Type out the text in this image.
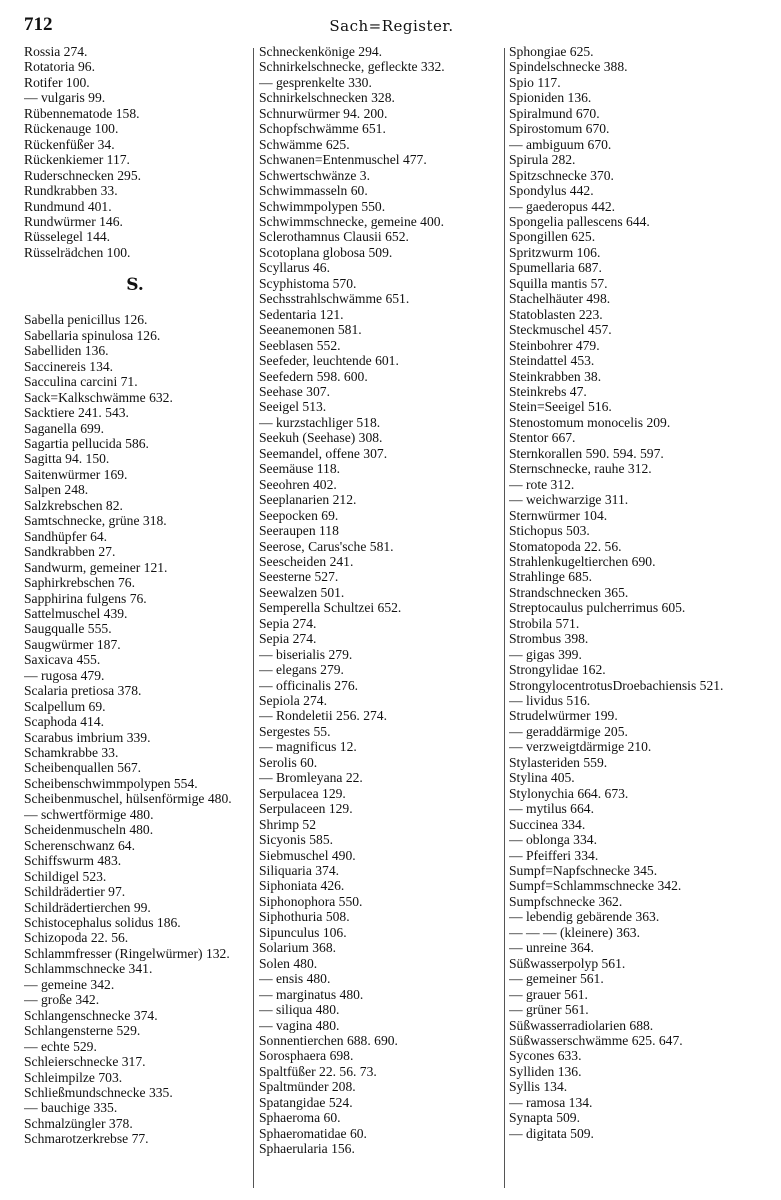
712	Sach=Register.
Rossia 274.
Rotatoria 96.
Rotifer 100.
— vulgaris 99.
Rübennematode 158.
Rückenauge 100.
Rückenfüßer 34.
Rückenkiemer 117.
Ruderschnecken 295.
Rundkrabben 33.
Rundmund 401.
Rundwürmer 146.
Rüsselegel 144.
Rüsselrädchen 100.
S.
Sabella penicillus 126.
Sabellaria spinulosa 126.
Sabelliden 136.
Saccinereis 134.
Sacculina carcini 71.
Sack=Kalkschwämme 632.
Sacktiere 241. 543.
Saganella 699.
Sagartia pellucida 586.
Sagitta 94. 150.
Saitenwürmer 169.
Salpen 248.
Salzkrebschen 82.
Samtschnecke, grüne 318.
Sandhüpfer 64.
Sandkrabben 27.
Sandwurm, gemeiner 121.
Saphirkrebschen 76.
Sapphirina fulgens 76.
Sattelmuschel 439.
Saugqualle 555.
Saugwürmer 187.
Saxicava 455.
— rugosa 479.
Scalaria pretiosa 378.
Scalpellum 69.
Scaphoda 414.
Scarabus imbrium 339.
Schamkrabbe 33.
Scheibenquallen 567.
Scheibenschwimmpolypen 554.
Scheibenmuschel, hülsenförmige 480.
— schwertförmige 480.
Scheidenmuscheln 480.
Scherenschwanz 64.
Schiffswurm 483.
Schildigel 523.
Schildrädertier 97.
Schildrädertierchen 99.
Schistocephalus solidus 186.
Schizopoda 22. 56.
Schlammfresser (Ringelwürmer) 132.
Schlammschnecke 341.
— gemeine 342.
— große 342.
Schlangenschnecke 374.
Schlangensterne 529.
— echte 529.
Schleierschnecke 317.
Schleimpilze 703.
Schließmundschnecke 335.
— bauchige 335.
Schmalzüngler 378.
Schmarotzerkrebse 77.
Schneckenkönige 294.
Schnirkelschnecke, gefleckte 332.
— gesprenkelte 330.
Schnirkelschnecken 328.
Schnurwürmer 94. 200.
Schopfschwämme 651.
Schwämme 625.
Schwanen=Entenmuschel 477.
Schwertschwänze 3.
Schwimmasseln 60.
Schwimmpolypen 550.
Schwimmschnecke, gemeine 400.
Sclerothamnus Clausii 652.
Scotoplana globosa 509.
Scyllarus 46.
Scyphistoma 570.
Sechsstrahlschwämme 651.
Sedentaria 121.
Seeanemonen 581.
Seeblasen 552.
Seefeder, leuchtende 601.
Seefedern 598. 600.
Seehase 307.
Seeigel 513.
— kurzstachliger 518.
Seekuh (Seehase) 308.
Seemandel, offene 307.
Seemäuse 118.
Seeohren 402.
Seeplanarien 212.
Seepocken 69.
Seeraupen 118
Seerose, Carus'sche 581.
Seescheiden 241.
Seesterne 527.
Seewalzen 501.
Semperella Schultzei 652.
Sepia 274.
Sepia 274.
— biserialis 279.
— elegans 279.
— officinalis 276.
Sepiola 274.
— Rondeletii 256. 274.
Sergestes 55.
— magnificus 12.
Serolis 60.
— Bromleyana 22.
Serpulacea 129.
Serpulaceen 129.
Shrimp 52
Sicyonis 585.
Siebmuschel 490.
Siliquaria 374.
Siphoniata 426.
Siphonophora 550.
Siphothuria 508.
Sipunculus 106.
Solarium 368.
Solen 480.
— ensis 480.
— marginatus 480.
— siliqua 480.
— vagina 480.
Sonnentierchen 688. 690.
Sorosphaera 698.
Spaltfüßer 22. 56. 73.
Spaltmünder 208.
Spatangidae 524.
Sphaeroma 60.
Sphaeromatidae 60.
Sphaerularia 156.
Sphongiae 625.
Spindelschnecke 388.
Spio 117.
Spioniden 136.
Spiralmund 670.
Spirostomum 670.
— ambiguum 670.
Spirula 282.
Spitzschnecke 370.
Spondylus 442.
— gaederopus 442.
Spongelia pallescens 644.
Spongillen 625.
Spritzwurm 106.
Spumellaria 687.
Squilla mantis 57.
Stachelhäuter 498.
Statoblasten 223.
Steckmuschel 457.
Steinbohrer 479.
Steindattel 453.
Steinkrabben 38.
Steinkrebs 47.
Stein=Seeigel 516.
Stenostomum monocelis 209.
Stentor 667.
Sternkorallen 590. 594. 597.
Sternschnecke, rauhe 312.
— rote 312.
— weichwarzige 311.
Sternwürmer 104.
Stichopus 503.
Stomatopoda 22. 56.
Strahlenkugeltierchen 690.
Strahlinge 685.
Strandschnecken 365.
Streptocaulus pulcherrimus 605.
Strobila 571.
Strombus 398.
— gigas 399.
Strongylidae 162.
StrongylocentrotusDroebachiensis 521.
— lividus 516.
Strudelwürmer 199.
— geraddärmige 205.
— verzweigtdärmige 210.
Stylasteriden 559.
Stylina 405.
Stylonychia 664. 673.
— mytilus 664.
Succinea 334.
— oblonga 334.
— Pfeifferi 334.
Sumpf=Napfschnecke 345.
Sumpf=Schlammschnecke 342.
Sumpfschnecke 362.
— lebendig gebärende 363.
— — — (kleinere) 363.
— unreine 364.
Süßwasserpolyp 561.
— gemeiner 561.
— grauer 561.
— grüner 561.
Süßwasserradiolarien 688.
Süßwasserschwämme 625. 647.
Sycones 633.
Sylliden 136.
Syllis 134.
— ramosa 134.
Synapta 509.
— digitata 509.
